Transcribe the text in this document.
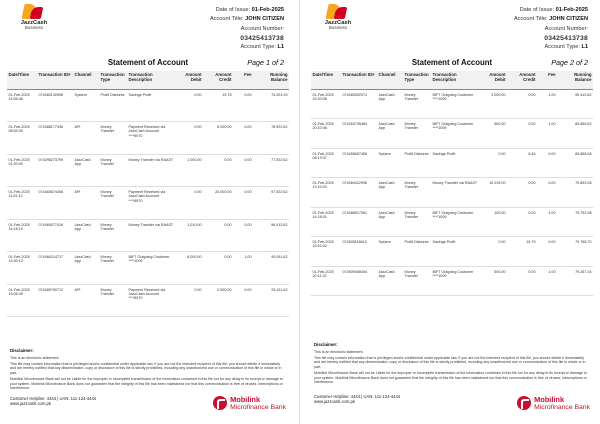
JazzCash
Business
Date of Issue: 01-Feb-2025
Account Title: JOHN CITIZEN
Account Number:
03425413738
Account Type: L1
Statement of Account	Page 1 of 2
Date/Time	Transaction ID#	Channel	Transaction Type	Transaction Description	Amount Debit	Amount Credit	Fee	Running Balance
01-Feb-2025 15:05:48	074483140998	System	Profit Disburse	Savings Profit	0.00	15.78	0.00	74,924.93
01-Feb-2025 08:54:05	074388177436	API	Money Transfer	Payment Received via JazzCash Account ****8970	0.00	6,000.00	0.00	78,922.62
01-Feb-2025 01:20:09	074298273799	JazzCash App	Money Transfer	Money Transfer via RAAST	1,000.00	0.00	0.00	77,922.62
01-Feb-2025 11:51:12	074483674408	API	Money Transfer	Payment Received via JazzCash Account ****8970	0.00	20,000.00	0.00	97,922.62
01-Feb-2025 14:18:19	074484077416	JazzCash App	Money Transfer	Money Transfer via RAAST	1,010.00	0.00	0.00	96,912.62
01-Feb-2025 15:40:13	074484214717	JazzCash App	Money Transfer	IBFT Outgoing Customer ****1009	6,000.00	0.00	1.00	90,911.62
01-Feb-2025 15:06:49	074489790712	API	Money Transfer	Payment Received via JazzCash Account ****8970	0.00	2,500.00	0.00	93,411.62
Disclaimer:

This is an electronic statement.

This file may contain information that is privileged and/or confidential under applicable law. If you are not the intended recipient of this file, you should delete it immediately and are hereby notified that any dissemination, copy or disclosure of this file is strictly prohibited, including any unauthorized use or communication of this file in whole or in part.

Mobilink Microfinance Bank will not be Liable for the improper or incomplete transmission of the information contained in this file nor for any delay in its receipt or damage to your system. Mobilink Microfinance Bank does not guarantee that the integrity of this file has been maintained nor that this communication is free of viruses, interceptions or interference.

Customer Helpline: 4444 | UAN: 111-124-4444
www.jazzcash.com.pk	Mobilink
Microfinance Bank
JazzCash
Business
Date of Issue: 01-Feb-2025
Account Title: JOHN CITIZEN
Account Number:
03425413738
Account Type: L1
Statement of Account	Page 2 of 2
Date/Time	Transaction ID#	Channel	Transaction Type	Transaction Description	Amount Debit	Amount Credit	Fee	Running Balance
01-Feb-2025 15:20:08	074483092074	JazzCash App	Money Transfer	IBFT Outgoing Customer ****1009	3,000.00	0.00	1.00	90,410.62
01-Feb-2025 20:10:08	074453795484	JazzCash App	Money Transfer	IBFT Outgoing Customer ****1009	550.00	0.00	1.00	89,859.62
01-Feb-2025 08:19:07	074455657456	System	Profit Disburse	Savings Profit	0.00	8.46	0.00	89,868.08
01-Feb-2025 13:10:20	074464412996	JazzCash App	Money Transfer	Money Transfer via RAAST	10,015.00	0.00	0.00	79,853.08
01-Feb-2025 14:18:01	074468917561	JazzCash App	Money Transfer	IBFT Outgoing Customer ****1009	100.00	0.00	1.00	79,752.08
01-Feb-2025 15:10:02	074505116610	System	Profit Disburse	Savings Profit	0.00	16.79	0.00	79,768.70
01-Feb-2025 20:11:22	074509458454	JazzCash App	Money Transfer	IBFT Outgoing Customer ****1009	500.00	0.00	1.00	79,267.34
Disclaimer:

This is an electronic statement.

This file may contain information that is privileged and/or confidential under applicable law. If you are not the intended recipient of this file, you should delete it immediately and are hereby notified that any dissemination, copy or disclosure of this file is strictly prohibited, including any unauthorized use or communication of this file in whole or in part.

Mobilink Microfinance Bank will not be Liable for the improper or incomplete transmission of the information contained in this file nor for any delay in its receipt or damage to your system. Mobilink Microfinance Bank does not guarantee that the integrity of this file has been maintained nor that this communication is free of viruses, interceptions or interference.

Customer Helpline: 4444 | UAN: 111-124-4444
www.jazzcash.com.pk	Mobilink
Microfinance Bank
